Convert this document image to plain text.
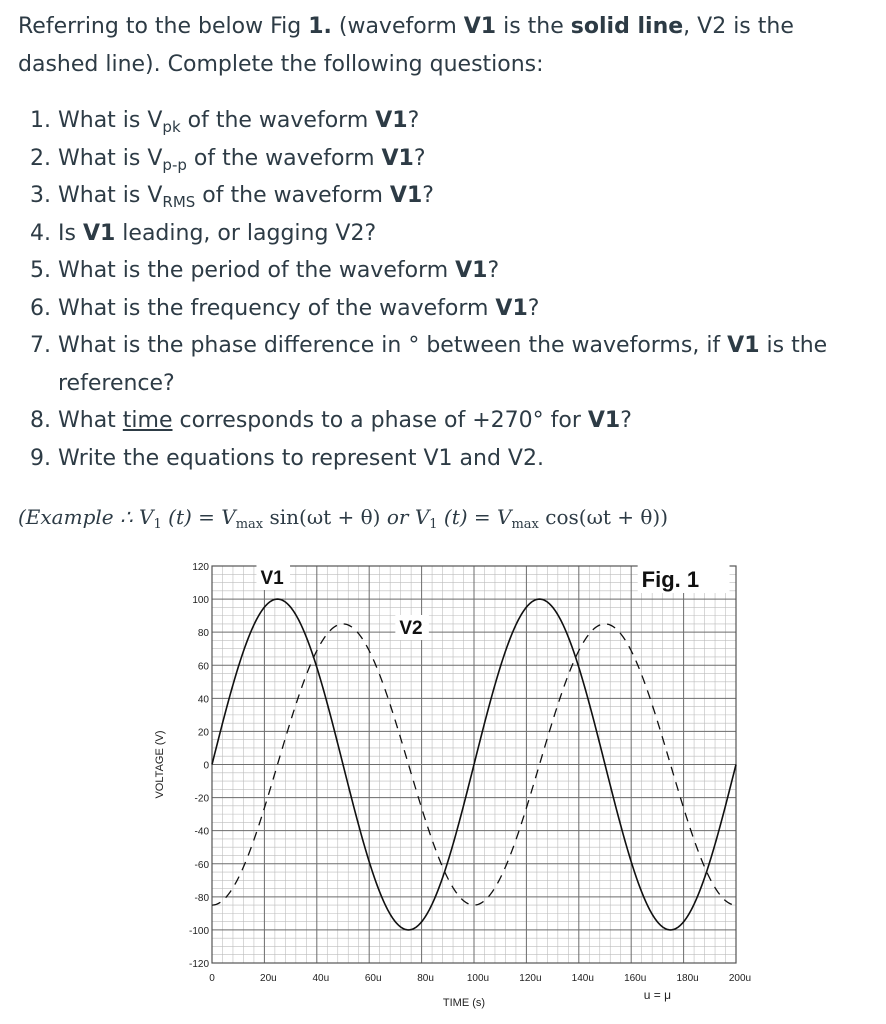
Referring to the below Fig 1. (waveform V1 is the solid line, V2 is the dashed line). Complete the following questions:

1. What is $V_{pk}$ of the waveform V1?
2. What is $V_{p-p}$ of the waveform V1?
3. What is $V_{RMS}$ of the waveform V1?
4. Is V1 leading, or lagging V2?
5. What is the period of the waveform V1?
6. What is the frequency of the waveform V1?
7. What is the phase difference in ° between the waveforms, if V1 is the reference?
8. What time corresponds to a phase of +270° for V1?
9. Write the equations to represent V1 and V2.
(Example ∴ $V_1$ $(t) = V_{max}$ sin(ωt + θ) or $V_1$ $(t) = V_{max}$ cos(ωt + θ))
120
100
80
60
40
20
0
-20
-40
-60
-80
-100
-120
0	20u	40u	60u	80u	100u	120u	140u	160u	180u	200u
TIME (s)
u = μ
VOLTAGE (V)
V1
V2
Fig. 1
